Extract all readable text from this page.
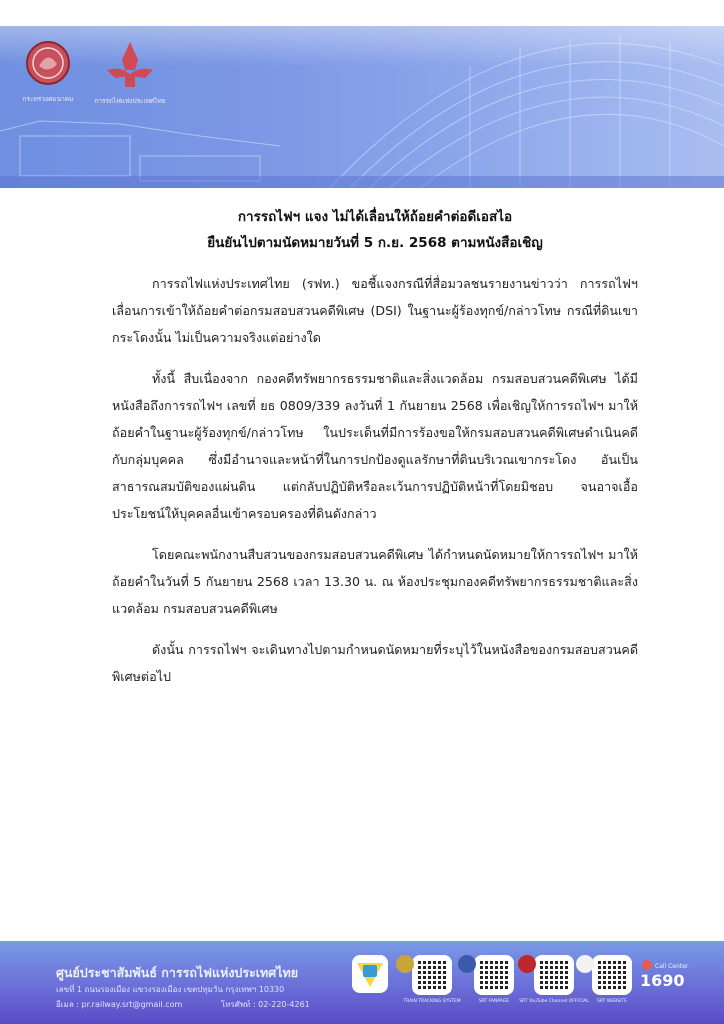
กระทรวงคมนาคม	การรถไฟแห่งประเทศไทย
การรถไฟฯ แจง ไม่ได้เลื่อนให้ถ้อยคำต่อดีเอสไอ
ยืนยันไปตามนัดหมายวันที่ 5 ก.ย. 2568 ตามหนังสือเชิญ

การรถไฟแห่งประเทศไทย (รฟท.) ขอชี้แจงกรณีที่สื่อมวลชนรายงานข่าวว่า การรถไฟฯ เลื่อนการเข้าให้ถ้อยคำต่อกรมสอบสวนคดีพิเศษ (DSI) ในฐานะผู้ร้องทุกข์/กล่าวโทษ กรณีที่ดินเขากระโดงนั้น ไม่เป็นความจริงแต่อย่างใด

ทั้งนี้ สืบเนื่องจาก กองคดีทรัพยากรธรรมชาติและสิ่งแวดล้อม กรมสอบสวนคดีพิเศษ ได้มีหนังสือถึงการรถไฟฯ เลขที่ ยธ 0809/339 ลงวันที่ 1 กันยายน 2568 เพื่อเชิญให้การรถไฟฯ มาให้ถ้อยคำในฐานะผู้ร้องทุกข์/กล่าวโทษ ในประเด็นที่มีการร้องขอให้กรมสอบสวนคดีพิเศษดำเนินคดีกับกลุ่มบุคคล ซึ่งมีอำนาจและหน้าที่ในการปกป้องดูแลรักษาที่ดินบริเวณเขากระโดง อันเป็นสาธารณสมบัติของแผ่นดิน แต่กลับปฏิบัติหรือละเว้นการปฏิบัติหน้าที่โดยมิชอบ จนอาจเอื้อประโยชน์ให้บุคคลอื่นเข้าครอบครองที่ดินดังกล่าว

โดยคณะพนักงานสืบสวนของกรมสอบสวนคดีพิเศษ ได้กำหนดนัดหมายให้การรถไฟฯ มาให้ถ้อยคำในวันที่ 5 กันยายน 2568 เวลา 13.30 น. ณ ห้องประชุมกองคดีทรัพยากรธรรมชาติและสิ่งแวดล้อม กรมสอบสวนคดีพิเศษ

ดังนั้น การรถไฟฯ จะเดินทางไปตามกำหนดนัดหมายที่ระบุไว้ในหนังสือของกรมสอบสวนคดีพิเศษต่อไป

ศูนย์ประชาสัมพันธ์ การรถไฟแห่งประเทศไทย
เลขที่ 1 ถนนรองเมือง แขวงรองเมือง เขตปทุมวัน กรุงเทพฯ 10330
อีเมล : pr.railway.srt@gmail.com	โทรศัพท์ : 02-220-4261	TRAIN TRACKING SYSTEM	SRT FANPAGE	SRT YouTube Channel OFFICIAL	SRT WEBSITE
Call Center
1690
